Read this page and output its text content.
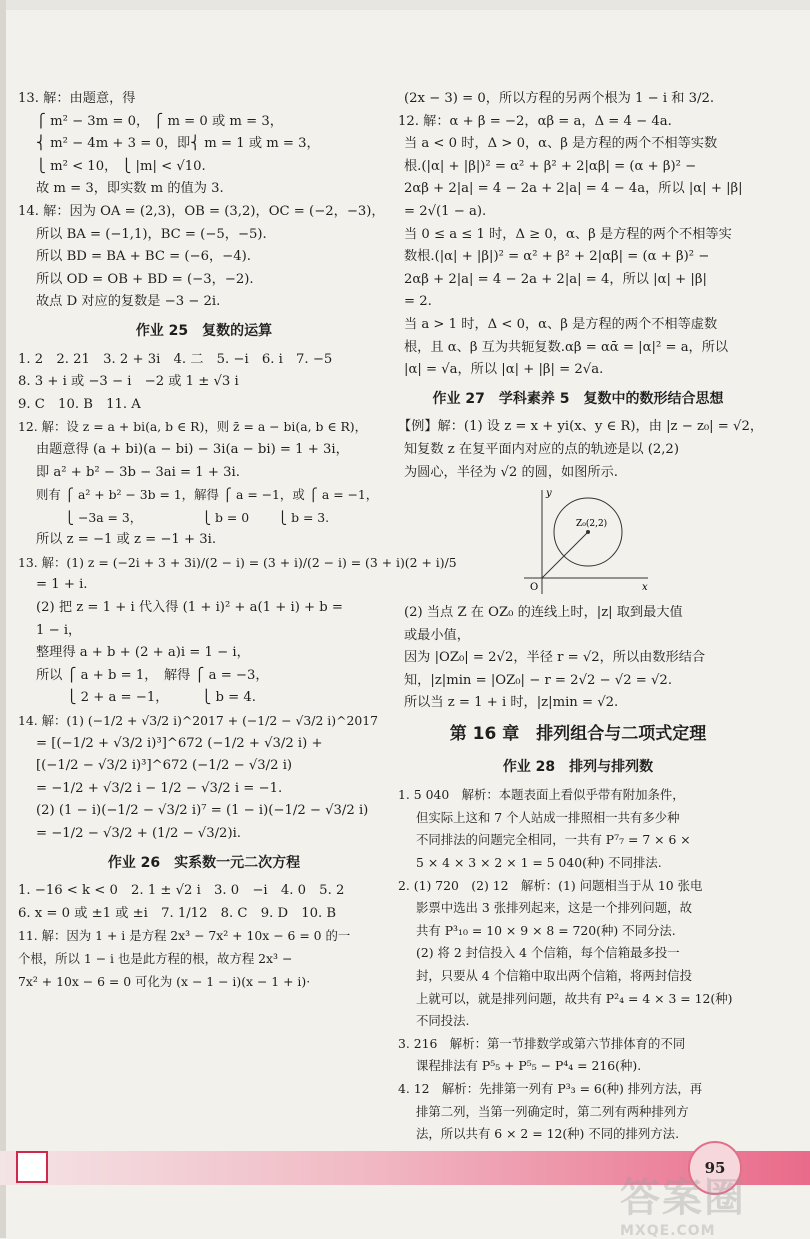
13. 解：由题意，得
⎧ m² − 3m = 0， ⎧ m = 0 或 m = 3，
⎨ m² − 4m + 3 = 0，即⎨ m = 1 或 m = 3，
⎩ m² < 10， ⎩ |m| < √10.
故 m = 3，即实数 m 的值为 3.
14. 解：因为 OA = (2,3)，OB = (3,2)，OC = (−2，−3)，
所以 BA = (−1,1)，BC = (−5，−5).
所以 BD = BA + BC = (−6，−4).
所以 OD = OB + BD = (−3，−2).
故点 D 对应的复数是 −3 − 2i.
作业 25　复数的运算
1. 2　2. 21　3. 2 + 3i　4. 二　5. −i　6. i　7. −5
8. 3 + i 或 −3 − i　−2 或 1 ± √3 i
9. C　10. B　11. A
12. 解：设 z = a + bi(a, b ∈ R)，则 z̄ = a − bi(a, b ∈ R)，
由题意得 (a + bi)(a − bi) − 3i(a − bi) = 1 + 3i，
即 a² + b² − 3b − 3ai = 1 + 3i.
则有 ⎧ a² + b² − 3b = 1，解得 ⎧ a = −1，或 ⎧ a = −1，
　　 ⎩ −3a = 3，　　　　　 ⎩ b = 0　　 ⎩ b = 3.
所以 z = −1 或 z = −1 + 3i.
13. 解：(1) z = (−2i + 3 + 3i)/(2 − i) = (3 + i)/(2 − i) = (3 + i)(2 + i)/5
= 1 + i.
(2) 把 z = 1 + i 代入得 (1 + i)² + a(1 + i) + b =
1 − i，
整理得 a + b + (2 + a)i = 1 − i，
所以 ⎧ a + b = 1，　解得 ⎧ a = −3，
　　 ⎩ 2 + a = −1，　　　⎩ b = 4.
14. 解：(1) (−1/2 + √3/2 i)^2017 + (−1/2 − √3/2 i)^2017
= [(−1/2 + √3/2 i)³]^672 (−1/2 + √3/2 i) +
[(−1/2 − √3/2 i)³]^672 (−1/2 − √3/2 i)
= −1/2 + √3/2 i − 1/2 − √3/2 i = −1.
(2) (1 − i)(−1/2 − √3/2 i)⁷ = (1 − i)(−1/2 − √3/2 i)
= −1/2 − √3/2 + (1/2 − √3/2)i.
作业 26　实系数一元二次方程
1. −16 < k < 0　2. 1 ± √2 i　3. 0　−i　4. 0　5. 2
6. x = 0 或 ±1 或 ±i　7. 1/12　8. C　9. D　10. B
11. 解：因为 1 + i 是方程 2x³ − 7x² + 10x − 6 = 0 的一
个根，所以 1 − i 也是此方程的根，故方程 2x³ −
7x² + 10x − 6 = 0 可化为 (x − 1 − i)(x − 1 + i)·
(2x − 3) = 0，所以方程的另两个根为 1 − i 和 3/2.
12. 解：α + β = −2，αβ = a，Δ = 4 − 4a.
当 a < 0 时，Δ > 0，α、β 是方程的两个不相等实数
根.(|α| + |β|)² = α² + β² + 2|αβ| = (α + β)² −
2αβ + 2|a| = 4 − 2a + 2|a| = 4 − 4a，所以 |α| + |β|
= 2√(1 − a).
当 0 ≤ a ≤ 1 时，Δ ≥ 0，α、β 是方程的两个不相等实
数根.(|α| + |β|)² = α² + β² + 2|αβ| = (α + β)² −
2αβ + 2|a| = 4 − 2a + 2|a| = 4，所以 |α| + |β|
= 2.
当 a > 1 时，Δ < 0，α、β 是方程的两个不相等虚数
根，且 α、β 互为共轭复数.αβ = αᾱ = |α|² = a，所以
|α| = √a，所以 |α| + |β| = 2√a.
作业 27　学科素养 5　复数中的数形结合思想
【例】解：(1) 设 z = x + yi(x、y ∈ R)，由 |z − z₀| = √2，
知复数 z 在复平面内对应的点的轨迹是以 (2,2)
为圆心，半径为 √2 的圆，如图所示.
Z₀(2,2)
O	x
y
(2) 当点 Z 在 OZ₀ 的连线上时，|z| 取到最大值
或最小值，
因为 |OZ₀| = 2√2，半径 r = √2，所以由数形结合
知，|z|min = |OZ₀| − r = 2√2 − √2 = √2.
所以当 z = 1 + i 时，|z|min = √2.
第 16 章　排列组合与二项式定理
作业 28　排列与排列数
1. 5 040　解析：本题表面上看似乎带有附加条件，
但实际上这和 7 个人站成一排照相一共有多少种
不同排法的问题完全相同，一共有 P⁷₇ = 7 × 6 ×
5 × 4 × 3 × 2 × 1 = 5 040(种) 不同排法.
2. (1) 720　(2) 12　解析：(1) 问题相当于从 10 张电
影票中选出 3 张排列起来，这是一个排列问题，故
共有 P³₁₀ = 10 × 9 × 8 = 720(种) 不同分法.
(2) 将 2 封信投入 4 个信箱，每个信箱最多投一
封，只要从 4 个信箱中取出两个信箱，将两封信投
上就可以，就是排列问题，故共有 P²₄ = 4 × 3 = 12(种)
不同投法.
3. 216　解析：第一节排数学或第六节排体育的不同
课程排法有 P⁵₅ + P⁵₅ − P⁴₄ = 216(种).
4. 12　解析：先排第一列有 P³₃ = 6(种) 排列方法，再
排第二列，当第一列确定时，第二列有两种排列方
法，所以共有 6 × 2 = 12(种) 不同的排列方法.
95
答案圈
MXQE.COM
